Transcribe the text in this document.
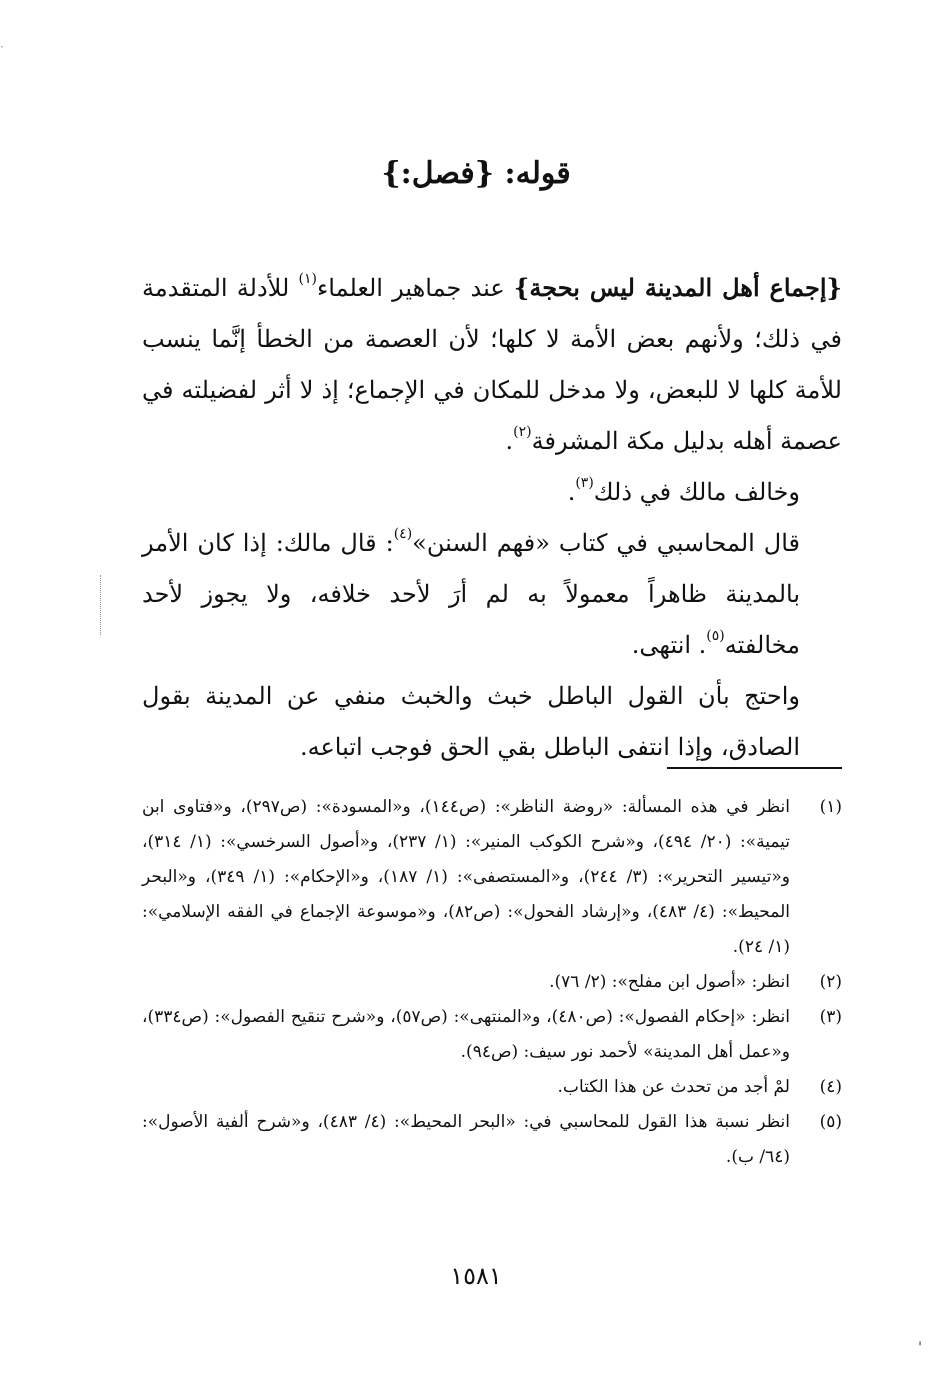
·
قوله: {فصل:}

{إجماع أهل المدينة ليس بحجة} عند جماهير العلماء$^{(١)}$ للأدلة المتقدمة في ذلك؛ ولأنهم بعض الأمة لا كلها؛ لأن العصمة من الخطأ إنَّما ينسب للأمة كلها لا للبعض، ولا مدخل للمكان في الإجماع؛ إذ لا أثر لفضيلته في عصمة أهله بدليل مكة المشرفة$^{(٢)}$.

وخالف مالك في ذلك$^{(٣)}$.

قال المحاسبي في كتاب «فهم السنن»$^{(٤)}$: قال مالك: إذا كان الأمر بالمدينة ظاهراً معمولاً به لم أرَ لأحد خلافه، ولا يجوز لأحد مخالفته$^{(٥)}$. انتهى.

واحتج بأن القول الباطل خبث والخبث منفي عن المدينة بقول الصادق، وإذا انتفى الباطل بقي الحق فوجب اتباعه.

(١)
انظر في هذه المسألة: «روضة الناظر»: (ص١٤٤)، و«المسودة»: (ص٢٩٧)، و«فتاوى ابن تيمية»: (٢٠/ ٤٩٤)، و«شرح الكوكب المنير»: (١/ ٢٣٧)، و«أصول السرخسي»: (١/ ٣١٤)، و«تيسير التحرير»: (٣/ ٢٤٤)، و«المستصفى»: (١/ ١٨٧)، و«الإحكام»: (١/ ٣٤٩)، و«البحر المحيط»: (٤/ ٤٨٣)، و«إرشاد الفحول»: (ص٨٢)، و«موسوعة الإجماع في الفقه الإسلامي»: (١/ ٢٤).

(٢)
انظر: «أصول ابن مفلح»: (٢/ ٧٦).

(٣)
انظر: «إحكام الفصول»: (ص٤٨٠)، و«المنتهى»: (ص٥٧)، و«شرح تنقيح الفصول»: (ص٣٣٤)، و«عمل أهل المدينة» لأحمد نور سيف: (ص٩٤).

(٤)
لمْ أجد من تحدث عن هذا الكتاب.

(٥)
انظر نسبة هذا القول للمحاسبي في: «البحر المحيط»: (٤/ ٤٨٣)، و«شرح ألفية الأصول»: (٦٤/ ب).

١٥٨١
'
